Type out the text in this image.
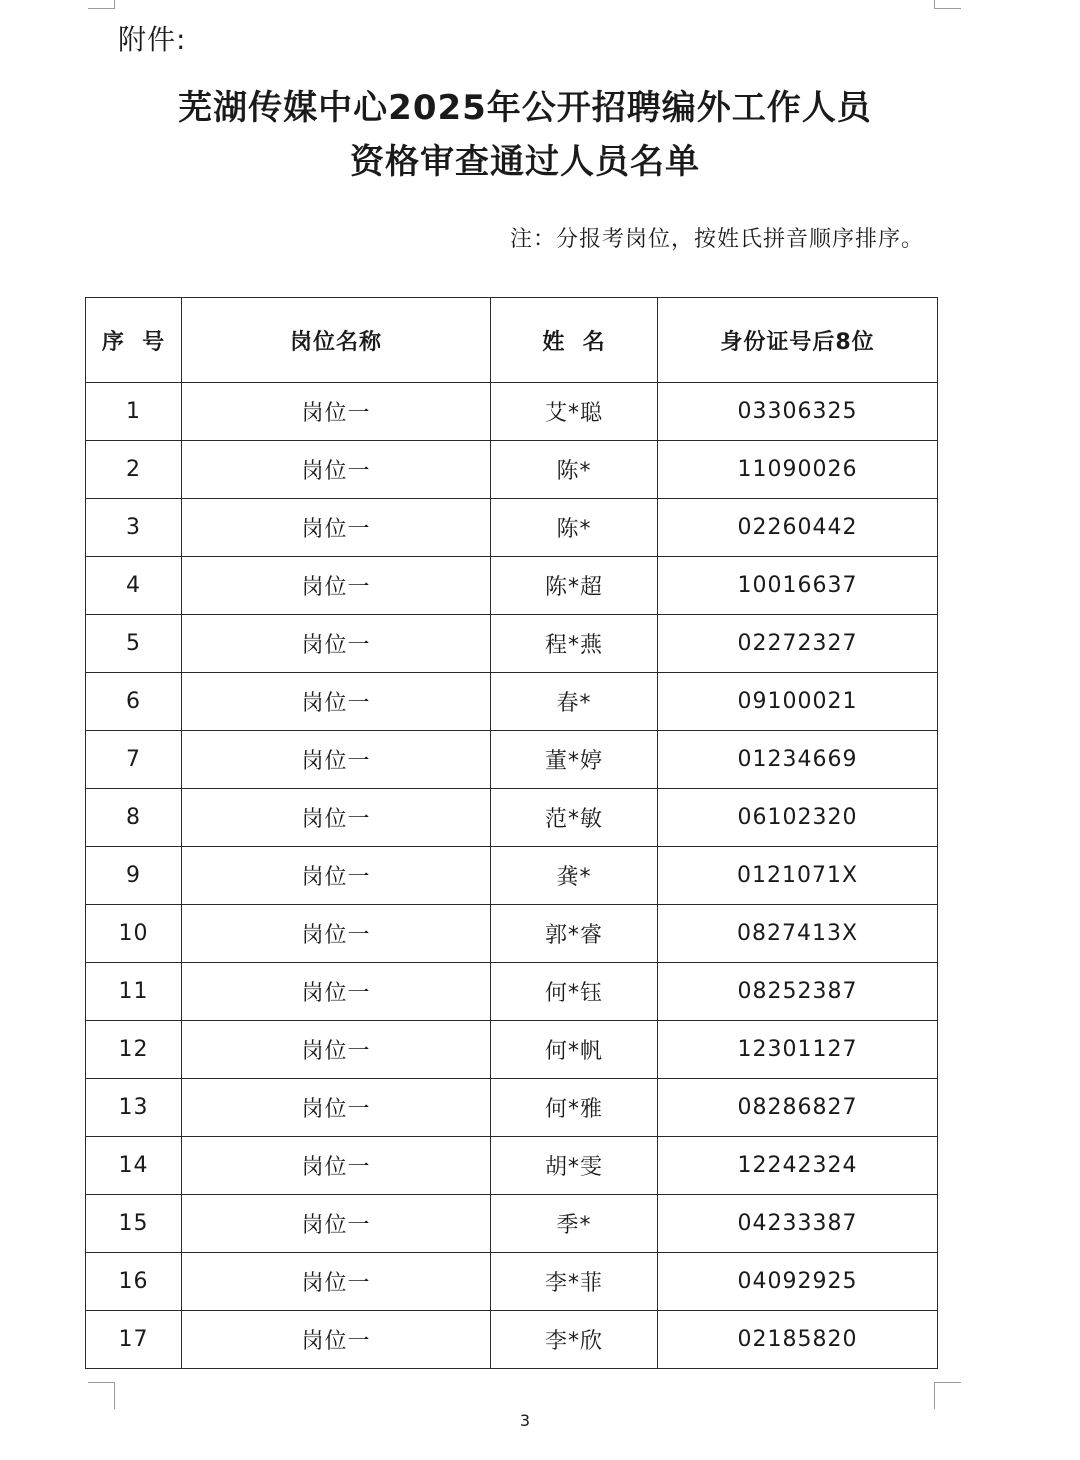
附件:
芜湖传媒中心2025年公开招聘编外工作人员
资格审查通过人员名单
注：分报考岗位，按姓氏拼音顺序排序。
序  号	岗位名称	姓  名	身份证号后8位
1	岗位一	艾*聪	03306325
2	岗位一	陈*	11090026
3	岗位一	陈*	02260442
4	岗位一	陈*超	10016637
5	岗位一	程*燕	02272327
6	岗位一	春*	09100021
7	岗位一	董*婷	01234669
8	岗位一	范*敏	06102320
9	岗位一	龚*	0121071X
10	岗位一	郭*睿	0827413X
11	岗位一	何*钰	08252387
12	岗位一	何*帆	12301127
13	岗位一	何*雅	08286827
14	岗位一	胡*雯	12242324
15	岗位一	季*	04233387
16	岗位一	李*菲	04092925
17	岗位一	李*欣	02185820
3
